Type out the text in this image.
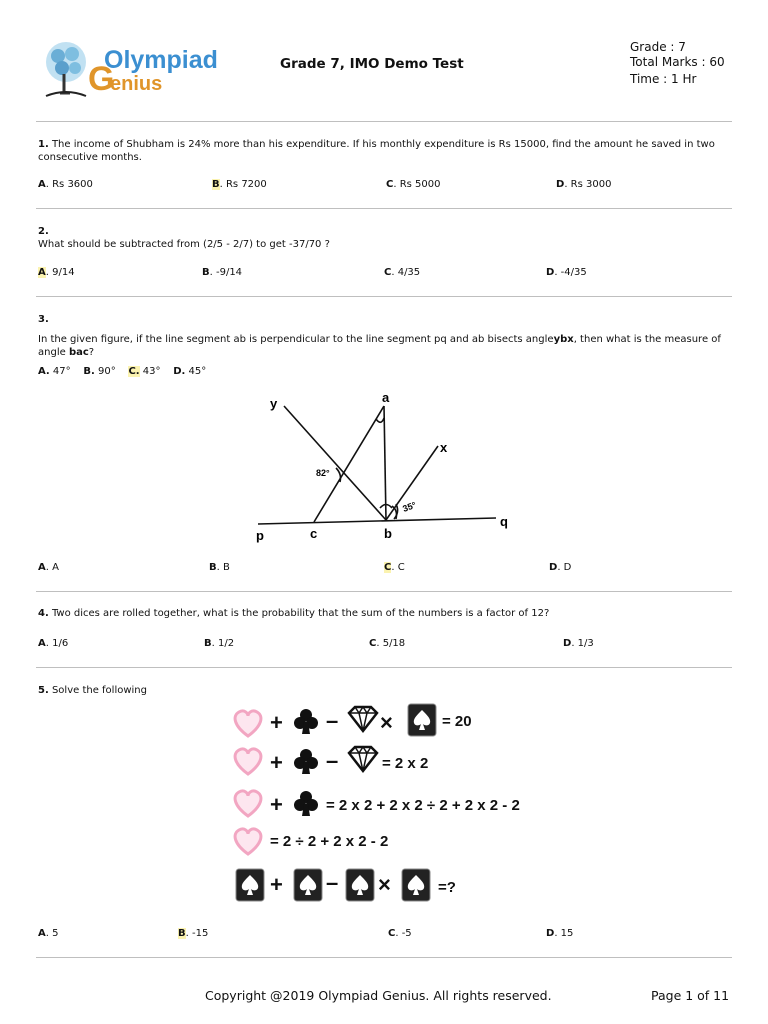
Olympiad
G
enius
Grade 7, IMO Demo Test
Grade : 7
Total Marks : 60
Time : 1 Hr
1. The income of Shubham is 24% more than his expenditure. If his monthly expenditure is Rs 15000, find the amount he saved in two consecutive months.
A. Rs 3600	B. Rs 7200	C. Rs 5000	D. Rs 3000
2.
What should be subtracted from (2/5 - 2/7) to get -37/70 ?
A. 9/14	B. -9/14	C. 4/35	D. -4/35
3.
In the given figure, if the line segment ab is perpendicular to the line segment pq and ab bisects angleybx, then what is the measure of angle bac?
A. 47° B. 90° C. 43° D. 45°
y	a
x
82°
35°
p	c	b
q
A. A	B. B	C. C	D. D
4. Two dices are rolled together, what is the probability that the sum of the numbers is a factor of 12?
A. 1/6	B. 1/2	C. 5/18	D. 1/3
5. Solve the following
+ – ×	= 20
+ –	= 2 x 2
+	= 2 x 2 + 2 x 2 ÷ 2 + 2 x 2 - 2
= 2 ÷ 2 + 2 x 2 - 2
+ – ×	=?
A. 5	B. -15	C. -5	D. 15
Copyright @2019 Olympiad Genius. All rights reserved.	Page 1 of 11
